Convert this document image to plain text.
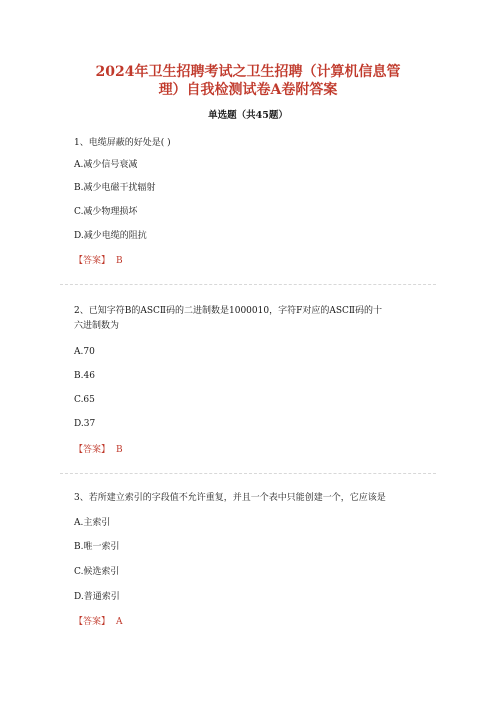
2024年卫生招聘考试之卫生招聘（计算机信息管
理）自我检测试卷A卷附答案
单选题（共45题）
1、电缆屏蔽的好处是( )
A.减少信号衰减
B.减少电磁干扰辐射
C.减少物理损坏
D.减少电缆的阻抗
【答案】 B
2、已知字符B的ASCⅡ码的二进制数是1000010，字符F对应的ASCⅡ码的十
六进制数为
A.70
B.46
C.65
D.37
【答案】 B
3、若所建立索引的字段值不允许重复，并且一个表中只能创建一个，它应该是
A.主索引
B.唯一索引
C.候选索引
D.普通索引
【答案】 A
